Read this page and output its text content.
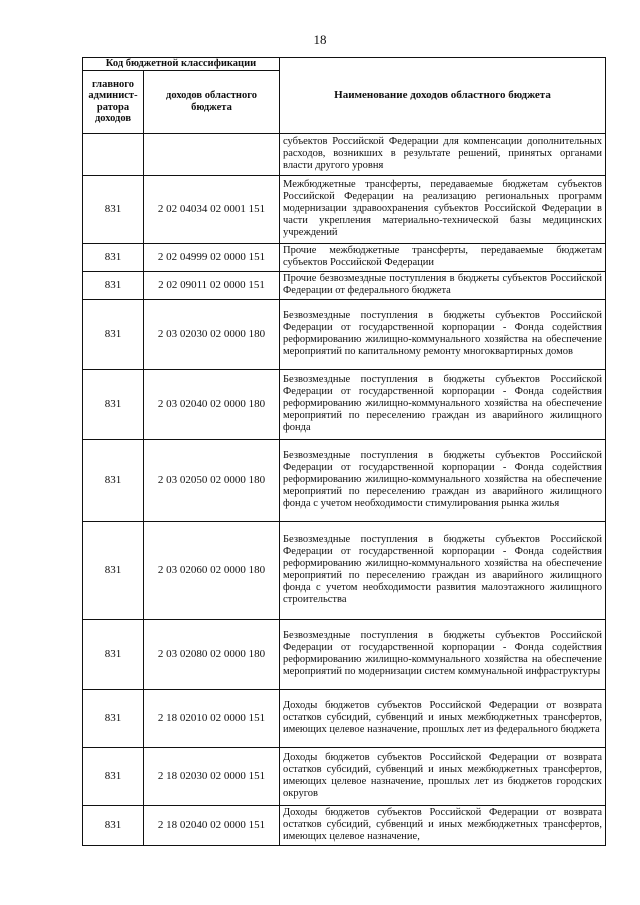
18
Код бюджетной классификации		Наименование доходов областного бюджета
главного админист-ратора доходов	доходов областного бюджета	
		субъектов Российской Федерации для компенсации дополнительных расходов, возникших в результате решений, принятых органами власти другого уровня
831	2 02 04034 02 0001 151	Межбюджетные трансферты, передаваемые бюджетам субъектов Российской Федерации на реализацию региональных программ модернизации здравоохранения субъектов Российской Федерации в части укрепления материально-технической базы медицинских учреждений
831	2 02 04999 02 0000 151	Прочие межбюджетные трансферты, передаваемые бюджетам субъектов Российской Федерации
831	2 02 09011 02 0000 151	Прочие безвозмездные поступления в бюджеты субъектов Российской Федерации от федерального бюджета
831	2 03 02030 02 0000 180	Безвозмездные поступления в бюджеты субъектов Российской Федерации от государственной корпорации - Фонда содействия реформированию жилищно-коммунального хозяйства на обеспечение мероприятий по капитальному ремонту многоквартирных домов
831	2 03 02040 02 0000 180	Безвозмездные поступления в бюджеты субъектов Российской Федерации от государственной корпорации - Фонда содействия реформированию жилищно-коммунального хозяйства на обеспечение мероприятий по переселению граждан из аварийного жилищного фонда
831	2 03 02050 02 0000 180	Безвозмездные поступления в бюджеты субъектов Российской Федерации от государственной корпорации - Фонда содействия реформированию жилищно-коммунального хозяйства на обеспечение мероприятий по переселению граждан из аварийного жилищного фонда с учетом необходимости стимулирования рынка жилья
831	2 03 02060 02 0000 180	Безвозмездные поступления в бюджеты субъектов Российской Федерации от государственной корпорации - Фонда содействия реформированию жилищно-коммунального хозяйства на обеспечение мероприятий по переселению граждан из аварийного жилищного фонда с учетом необходимости развития малоэтажного жилищного строительства
831	2 03 02080 02 0000 180	Безвозмездные поступления в бюджеты субъектов Российской Федерации от государственной корпорации - Фонда содействия реформированию жилищно-коммунального хозяйства на обеспечение мероприятий по модернизации систем коммунальной инфраструктуры
831	2 18 02010 02 0000 151	Доходы бюджетов субъектов Российской Федерации от возврата остатков субсидий, субвенций и иных межбюджетных трансфертов, имеющих целевое назначение, прошлых лет из федерального бюджета
831	2 18 02030 02 0000 151	Доходы бюджетов субъектов Российской Федерации от возврата остатков субсидий, субвенций и иных межбюджетных трансфертов, имеющих целевое назначение, прошлых лет из бюджетов городских округов
831	2 18 02040 02 0000 151	Доходы бюджетов субъектов Российской Федерации от возврата остатков субсидий, субвенций и иных межбюджетных трансфертов, имеющих целевое назначение,
